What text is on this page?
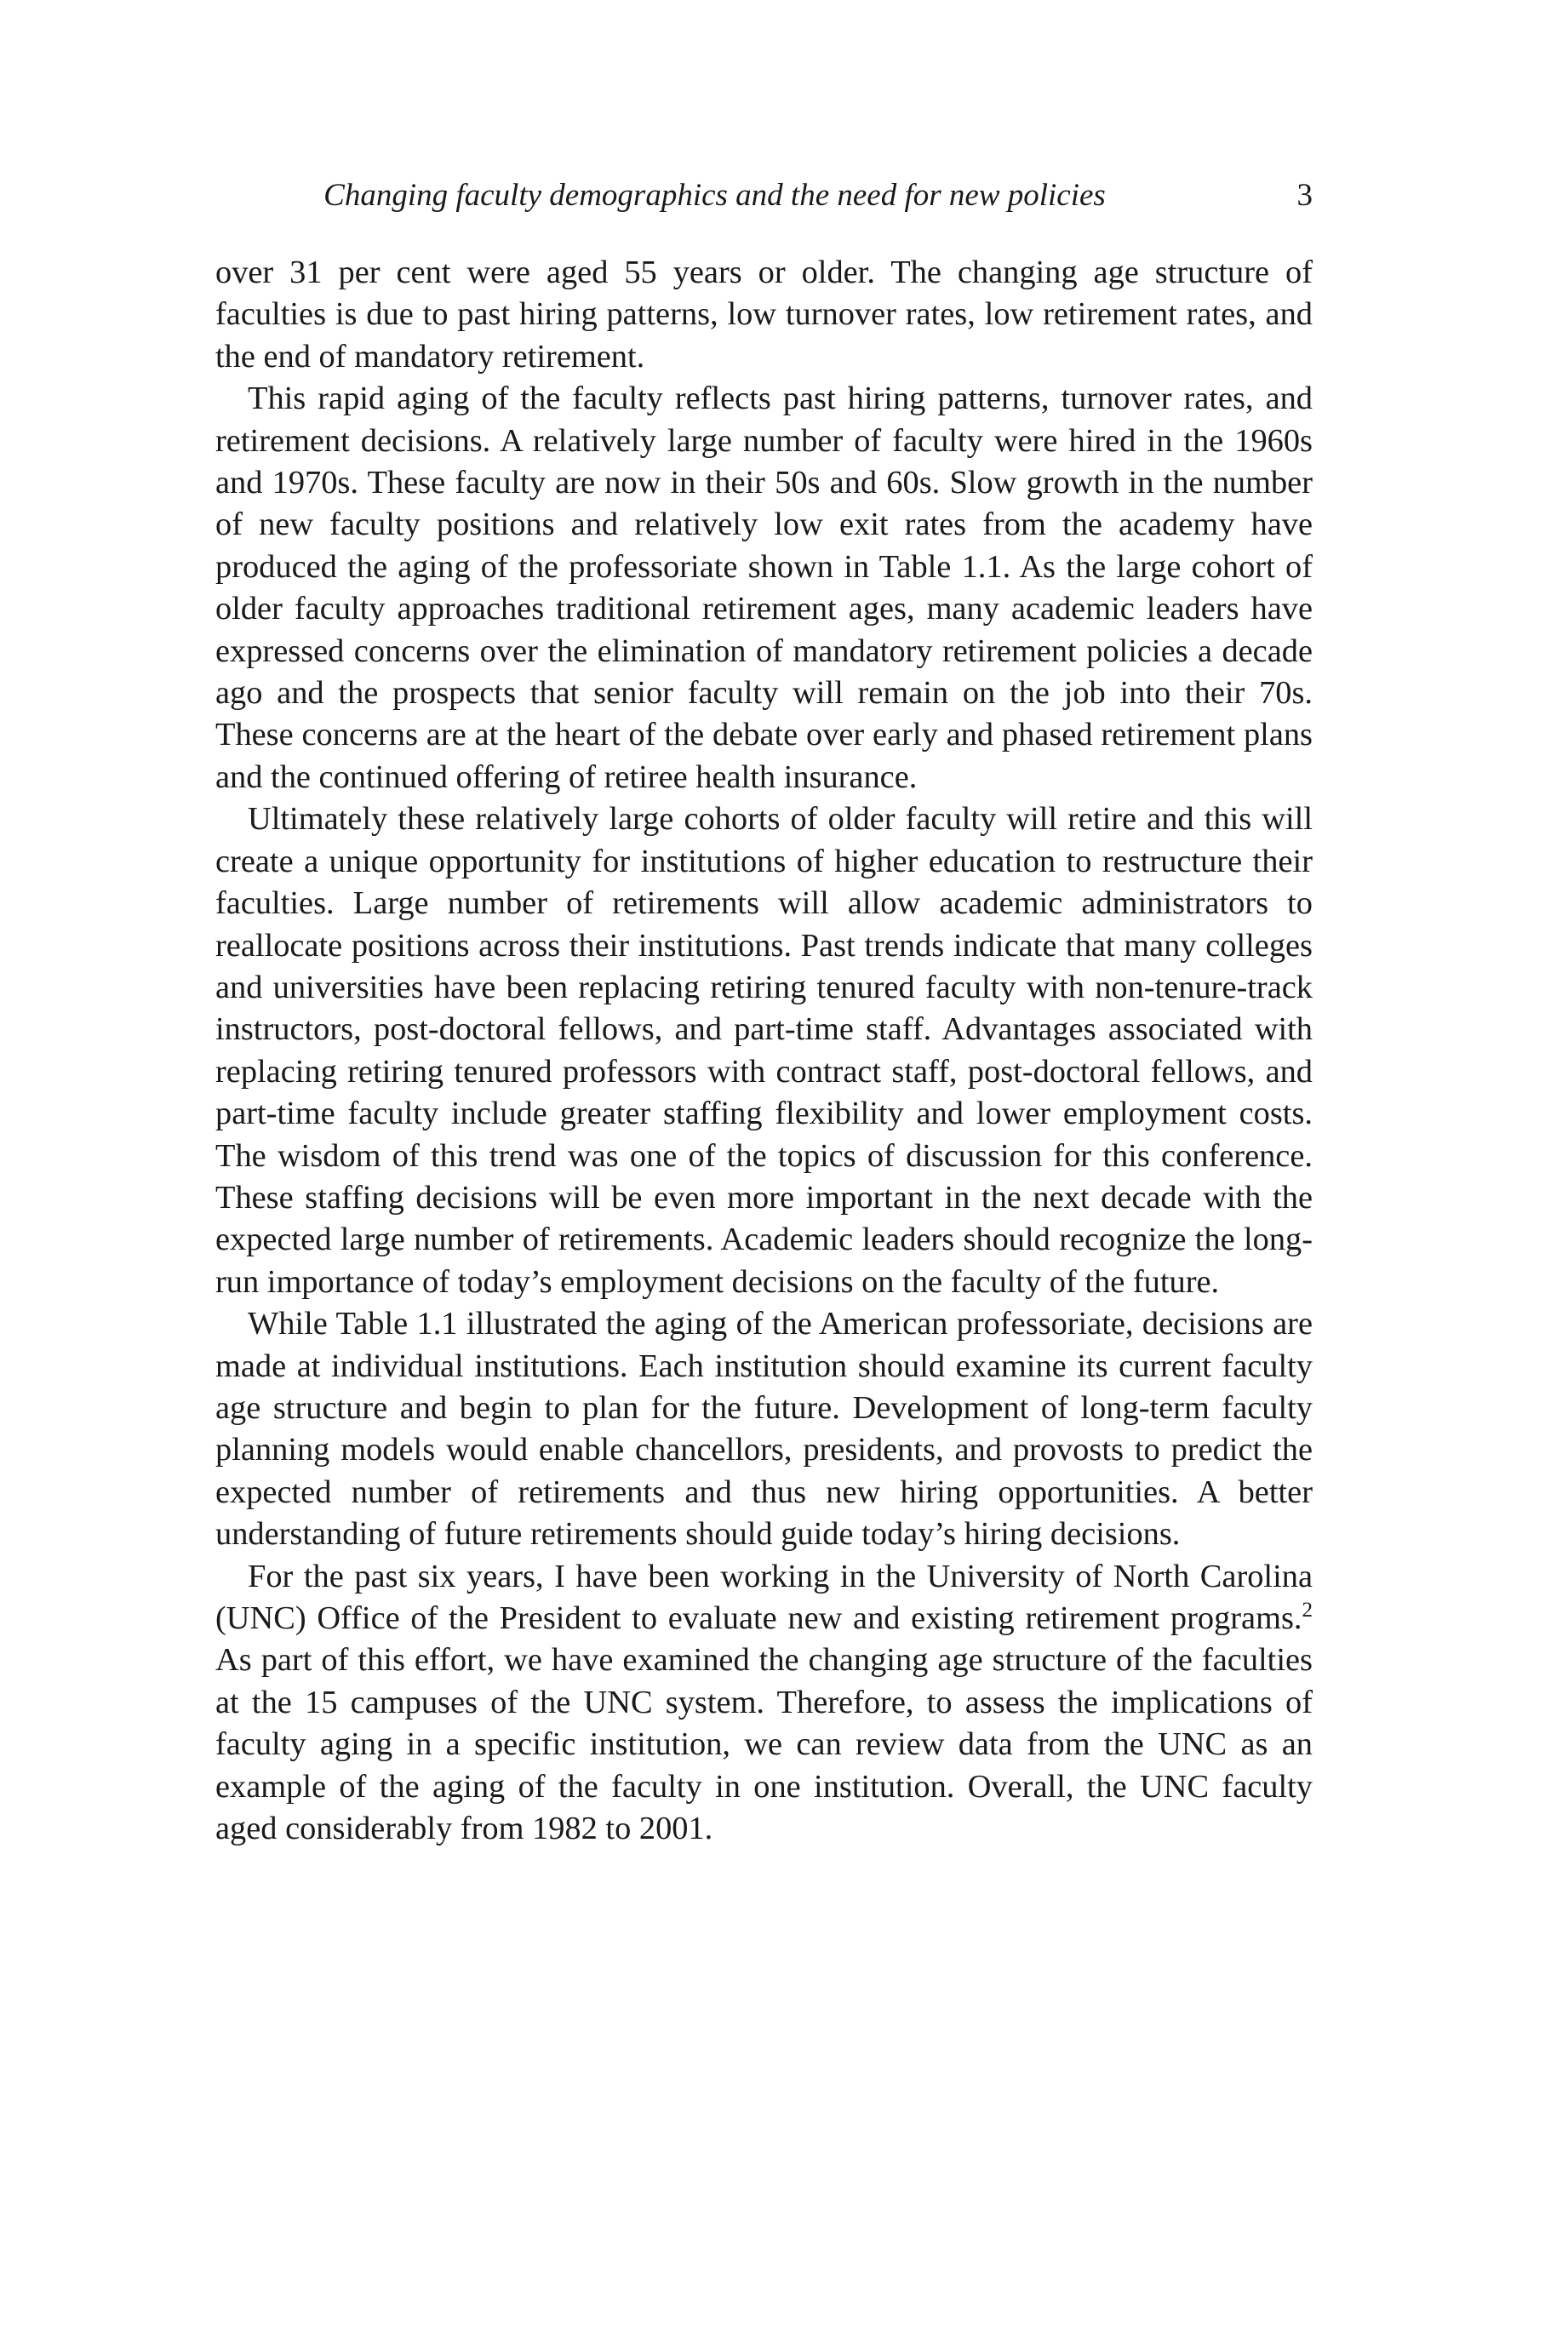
Changing faculty demographics and the need for new policies	3

over 31 per cent were aged 55 years or older. The changing age structure of faculties is due to past hiring patterns, low turnover rates, low retirement rates, and the end of mandatory retirement.

This rapid aging of the faculty reflects past hiring patterns, turnover rates, and retirement decisions. A relatively large number of faculty were hired in the 1960s and 1970s. These faculty are now in their 50s and 60s. Slow growth in the number of new faculty positions and relatively low exit rates from the academy have produced the aging of the professoriate shown in Table 1.1. As the large cohort of older faculty approaches traditional retirement ages, many academic leaders have expressed concerns over the elimination of mandatory retirement policies a decade ago and the prospects that senior faculty will remain on the job into their 70s. These concerns are at the heart of the debate over early and phased retirement plans and the continued offering of retiree health insurance.

Ultimately these relatively large cohorts of older faculty will retire and this will create a unique opportunity for institutions of higher education to restructure their faculties. Large number of retirements will allow academic administrators to reallocate positions across their institutions. Past trends indicate that many colleges and universities have been replacing retiring tenured faculty with non-tenure-track instructors, post-doctoral fellows, and part-time staff. Advantages associated with replacing retiring tenured professors with contract staff, post-doctoral fellows, and part-time faculty include greater staffing flexibility and lower employment costs. The wisdom of this trend was one of the topics of discussion for this conference. These staffing decisions will be even more important in the next decade with the expected large number of retirements. Academic leaders should recognize the long-run importance of today’s employment decisions on the faculty of the future.

While Table 1.1 illustrated the aging of the American professoriate, decisions are made at individual institutions. Each institution should examine its current faculty age structure and begin to plan for the future. Development of long-term faculty planning models would enable chancellors, presidents, and provosts to predict the expected number of retirements and thus new hiring opportunities. A better understanding of future retirements should guide today’s hiring decisions.

For the past six years, I have been working in the University of North Carolina (UNC) Office of the President to evaluate new and existing retirement programs.$^2$ As part of this effort, we have examined the changing age structure of the faculties at the 15 campuses of the UNC system. Therefore, to assess the implications of faculty aging in a specific institution, we can review data from the UNC as an example of the aging of the faculty in one institution. Overall, the UNC faculty aged considerably from 1982 to 2001.
